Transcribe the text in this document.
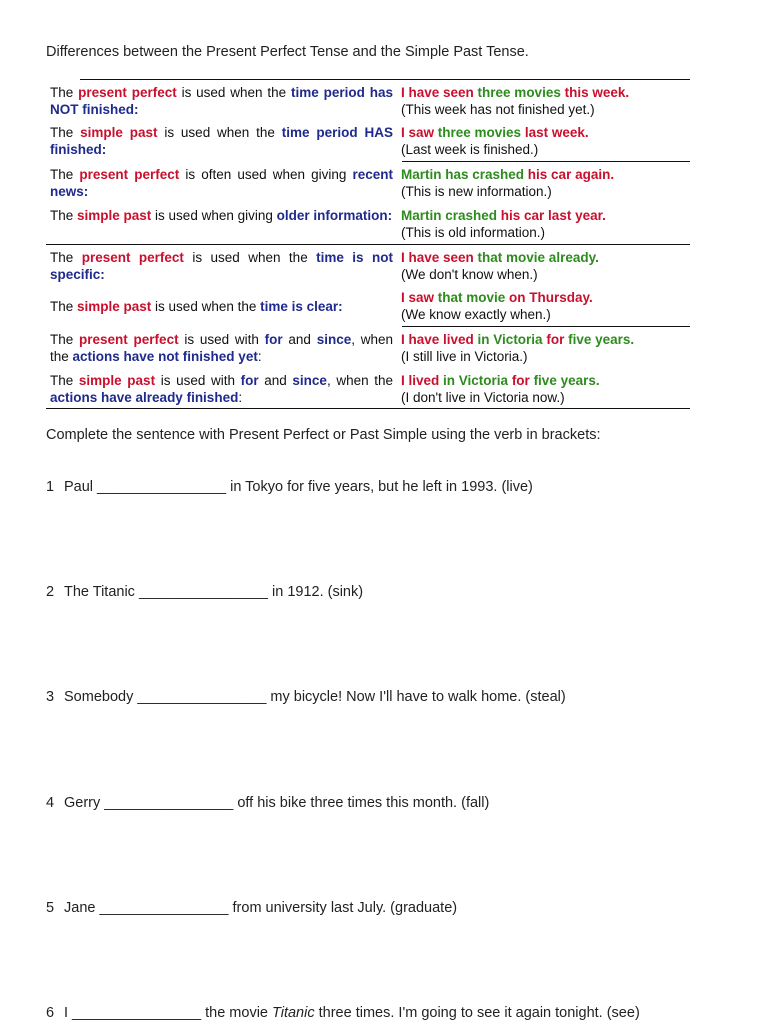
Differences between the Present Perfect Tense and the Simple Past Tense.
The present perfect is used when the time period has NOT finished:
I have seen three movies this week.
(This week has not finished yet.)
The simple past is used when the time period HAS finished:
I saw three movies last week.
(Last week is finished.)
The present perfect is often used when giving recent news:
Martin has crashed his car again.
(This is new information.)
The simple past is used when giving older information: Martin crashed his car last year.
(This is old information.)
The present perfect is used when the time is not specific:
I have seen that movie already.
(We don't know when.)
The simple past is used when the time is clear:
I saw that movie on Thursday.
(We know exactly when.)
The present perfect is used with for and since, when the actions have not finished yet:
I have lived in Victoria for five years.
(I still live in Victoria.)
The simple past is used with for and since, when the actions have already finished:
I lived in Victoria for five years.
(I don't live in Victoria now.)
Complete the sentence with Present Perfect or Past Simple using the verb in brackets:
1 Paul ________________ in Tokyo for five years, but he left in 1993. (live)
2 The Titanic ________________ in 1912. (sink)
3 Somebody ________________ my bicycle! Now I'll have to walk home. (steal)
4 Gerry ________________ off his bike three times this month. (fall)
5 Jane ________________ from university last July. (graduate)
6 I ________________ the movie Titanic three times. I'm going to see it again tonight. (see)
